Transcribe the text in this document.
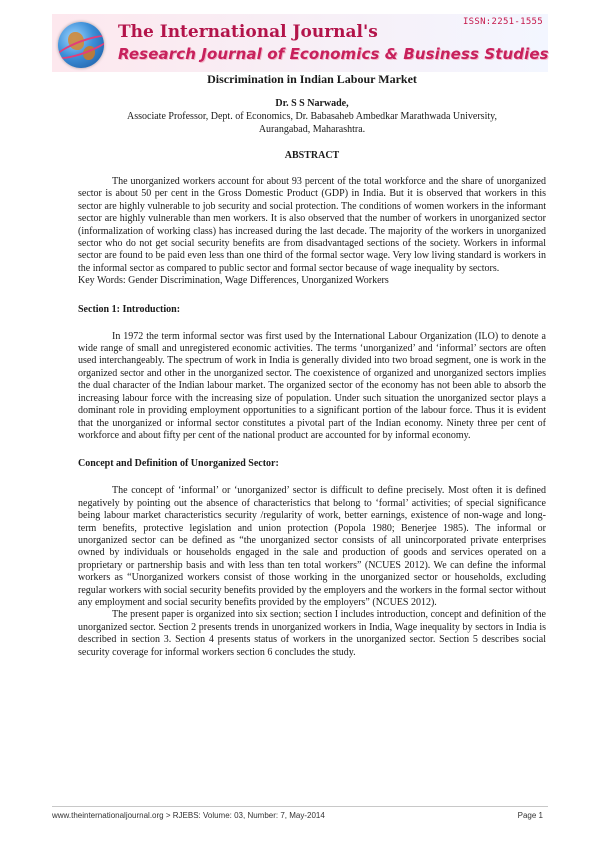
The International Journal's
Research Journal of Economics & Business Studies
ISSN:2251-1555
Discrimination in Indian Labour Market

Dr. S S Narwade,

Associate Professor, Dept. of Economics, Dr. Babasaheb Ambedkar Marathwada University,

Aurangabad, Maharashtra.

ABSTRACT

The unorganized workers account for about 93 percent of the total workforce and the share of unorganized sector is about 50 per cent in the Gross Domestic Product (GDP) in India. But it is observed that workers in this sector are highly vulnerable to job security and social protection. The conditions of women workers in the informant sector are highly vulnerable than men workers. It is also observed that the number of workers in unorganized sector (informalization of working class) has increased during the last decade. The majority of the workers in unorganized sector who do not get social security benefits are from disadvantaged sections of the society. Workers in informal sector are found to be paid even less than one third of the formal sector wage. Very low living standard is workers in the informal sector as compared to public sector and formal sector because of wage inequality by sectors.

Key Words: Gender Discrimination, Wage Differences, Unorganized Workers

Section 1: Introduction:

In 1972 the term informal sector was first used by the International Labour Organization (ILO) to denote a wide range of small and unregistered economic activities. The terms ‘unorganized’ and ‘informal’ sectors are often used interchangeably. The spectrum of work in India is generally divided into two broad segment, one is work in the organized sector and other in the unorganized sector. The coexistence of organized and unorganized sectors implies the dual character of the Indian labour market. The organized sector of the economy has not been able to absorb the increasing labour force with the increasing size of population. Under such situation the unorganized sector plays a dominant role in providing employment opportunities to a significant portion of the labour force. Thus it is evident that the unorganized or informal sector constitutes a pivotal part of the Indian economy. Ninety three per cent of workforce and about fifty per cent of the national product are accounted for by informal economy.

Concept and Definition of Unorganized Sector:

The concept of ‘informal’ or ‘unorganized’ sector is difficult to define precisely. Most often it is defined negatively by pointing out the absence of characteristics that belong to ‘formal’ activities; of special significance being labour market characteristics security /regularity of work, better earnings, existence of non-wage and long-term benefits, protective legislation and union protection (Popola 1980; Benerjee 1985). The informal or unorganized sector can be defined as “the unorganized sector consists of all unincorporated private enterprises owned by individuals or households engaged in the sale and production of goods and services operated on a proprietary or partnership basis and with less than ten total workers” (NCUES 2012). We can define the informal workers as “Unorganized workers consist of those working in the unorganized sector or households, excluding regular workers with social security benefits provided by the employers and the workers in the formal sector without any employment and social security benefits provided by the employers” (NCUES 2012).

The present paper is organized into six section; section I includes introduction, concept and definition of the unorganized sector. Section 2 presents trends in unorganized workers in India, Wage inequality by sectors in India is described in section 3. Section 4 presents status of workers in the unorganized sector. Section 5 describes social security coverage for informal workers section 6 concludes the study.

www.theinternationaljournal.org > RJEBS: Volume: 03, Number: 7, May-2014	Page 1
